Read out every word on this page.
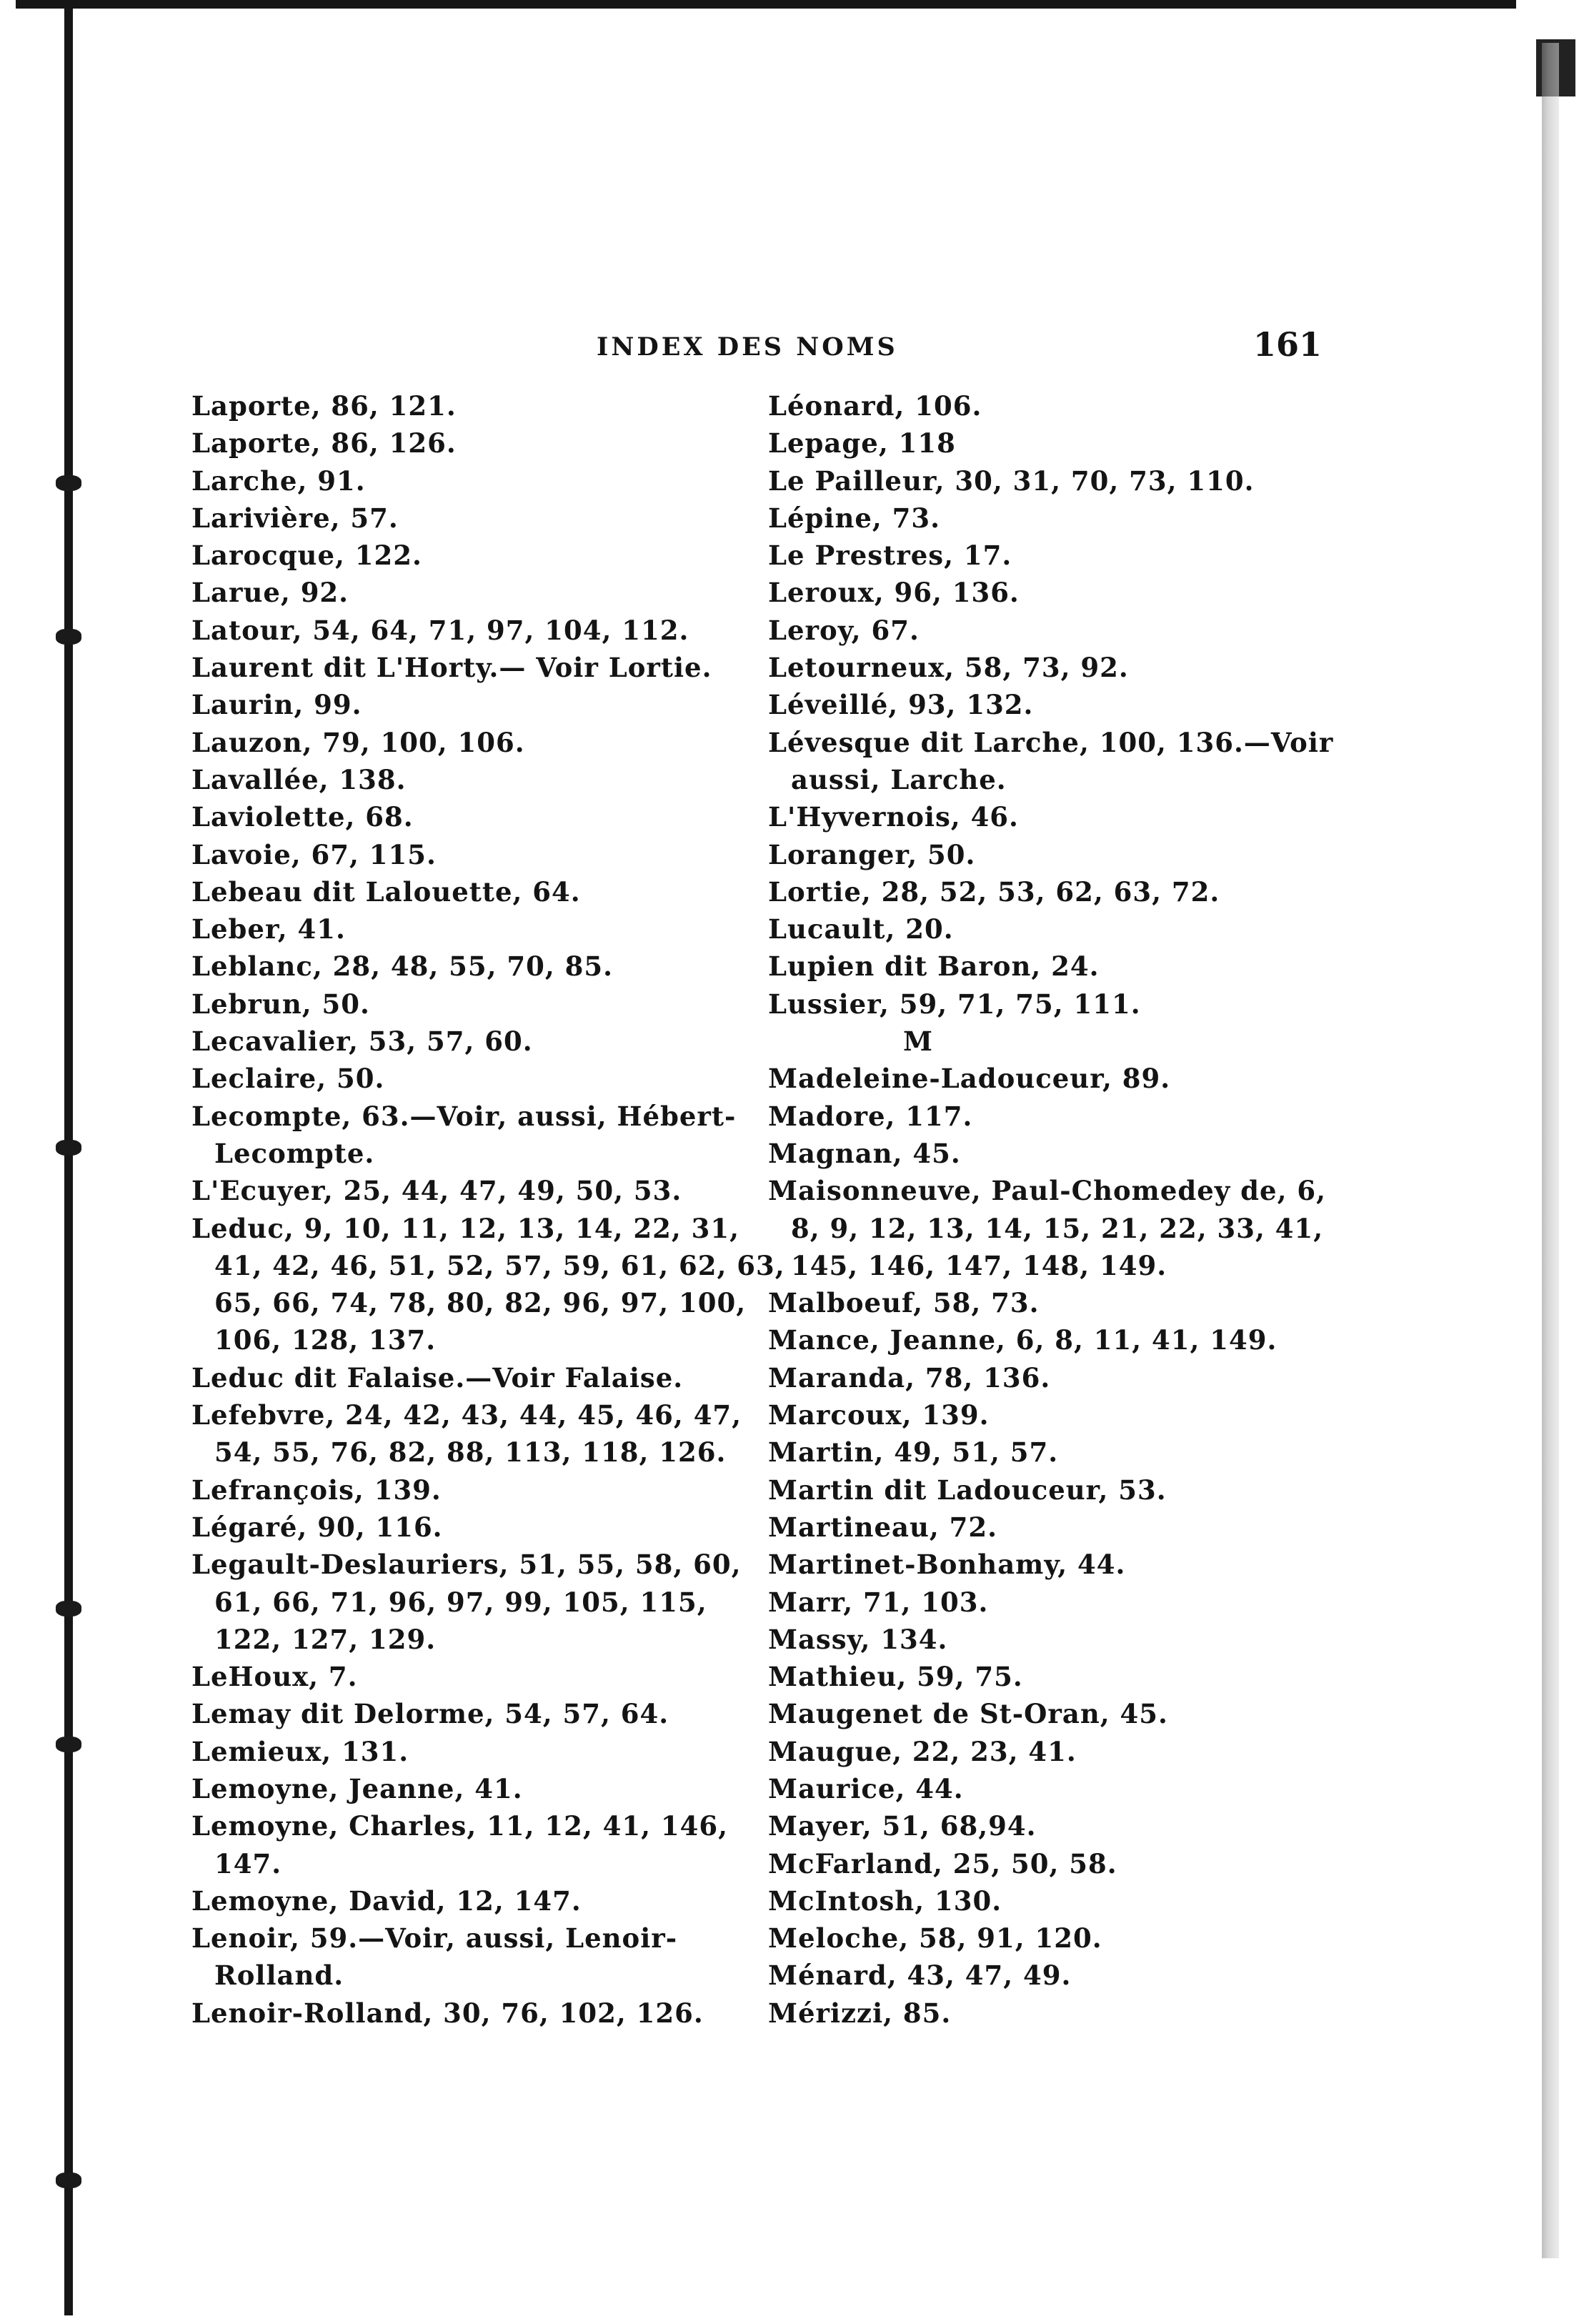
INDEX DES NOMS	161
Laporte, 86, 121.
Laporte, 86, 126.
Larche, 91.
Larivière, 57.
Larocque, 122.
Larue, 92.
Latour, 54, 64, 71, 97, 104, 112.
Laurent dit L'Horty.— Voir Lortie.
Laurin, 99.
Lauzon, 79, 100, 106.
Lavallée, 138.
Laviolette, 68.
Lavoie, 67, 115.
Lebeau dit Lalouette, 64.
Leber, 41.
Leblanc, 28, 48, 55, 70, 85.
Lebrun, 50.
Lecavalier, 53, 57, 60.
Leclaire, 50.
Lecompte, 63.—Voir, aussi, Hébert-
Lecompte.
L'Ecuyer, 25, 44, 47, 49, 50, 53.
Leduc, 9, 10, 11, 12, 13, 14, 22, 31,
41, 42, 46, 51, 52, 57, 59, 61, 62, 63,
65, 66, 74, 78, 80, 82, 96, 97, 100,
106, 128, 137.
Leduc dit Falaise.—Voir Falaise.
Lefebvre, 24, 42, 43, 44, 45, 46, 47,
54, 55, 76, 82, 88, 113, 118, 126.
Lefrançois, 139.
Légaré, 90, 116.
Legault-Deslauriers, 51, 55, 58, 60,
61, 66, 71, 96, 97, 99, 105, 115,
122, 127, 129.
LeHoux, 7.
Lemay dit Delorme, 54, 57, 64.
Lemieux, 131.
Lemoyne, Jeanne, 41.
Lemoyne, Charles, 11, 12, 41, 146,
147.
Lemoyne, David, 12, 147.
Lenoir, 59.—Voir, aussi, Lenoir-
Rolland.
Lenoir-Rolland, 30, 76, 102, 126.
Léonard, 106.
Lepage, 118
Le Pailleur, 30, 31, 70, 73, 110.
Lépine, 73.
Le Prestres, 17.
Leroux, 96, 136.
Leroy, 67.
Letourneux, 58, 73, 92.
Léveillé, 93, 132.
Lévesque dit Larche, 100, 136.—Voir
aussi, Larche.
L'Hyvernois, 46.
Loranger, 50.
Lortie, 28, 52, 53, 62, 63, 72.
Lucault, 20.
Lupien dit Baron, 24.
Lussier, 59, 71, 75, 111.
M
Madeleine-Ladouceur, 89.
Madore, 117.
Magnan, 45.
Maisonneuve, Paul-Chomedey de, 6,
8, 9, 12, 13, 14, 15, 21, 22, 33, 41,
145, 146, 147, 148, 149.
Malboeuf, 58, 73.
Mance, Jeanne, 6, 8, 11, 41, 149.
Maranda, 78, 136.
Marcoux, 139.
Martin, 49, 51, 57.
Martin dit Ladouceur, 53.
Martineau, 72.
Martinet-Bonhamy, 44.
Marr, 71, 103.
Massy, 134.
Mathieu, 59, 75.
Maugenet de St-Oran, 45.
Maugue, 22, 23, 41.
Maurice, 44.
Mayer, 51, 68,94.
McFarland, 25, 50, 58.
McIntosh, 130.
Meloche, 58, 91, 120.
Ménard, 43, 47, 49.
Mérizzi, 85.
